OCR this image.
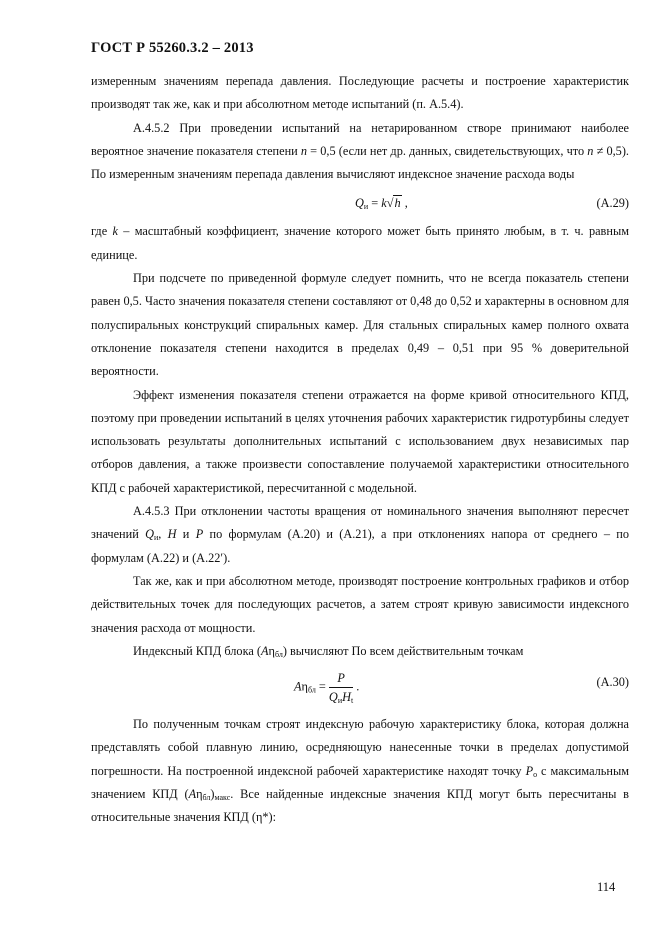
ГОСТ Р 55260.3.2 – 2013

измеренным значениям перепада давления. Последующие расчеты и построение характеристик производят так же, как и при абсолютном методе испытаний (п. А.5.4).

А.4.5.2 При проведении испытаний на нетарированном створе принимают наиболее вероятное значение показателя степени n = 0,5 (если нет др. данных, свидетельствующих, что n ≠ 0,5). По измеренным значениям перепада давления вычисляют индексное значение расхода воды

$Q_и = k√h$ ,	(А.29)

где k – масштабный коэффициент, значение которого может быть принято любым, в т. ч. равным единице.

При подсчете по приведенной формуле следует помнить, что не всегда показатель степени равен 0,5. Часто значения показателя степени составляют от 0,48 до 0,52 и характерны в основном для полуспиральных конструкций спиральных камер. Для стальных спиральных камер полного охвата отклонение показателя степени находится в пределах 0,49 – 0,51 при 95 % доверительной вероятности.

Эффект изменения показателя степени отражается на форме кривой относительного КПД, поэтому при проведении испытаний в целях уточнения рабочих характеристик гидротурбины следует использовать результаты дополнительных испытаний с использованием двух независимых пар отборов давления, а также произвести сопоставление получаемой характеристики относительного КПД с рабочей характеристикой, пересчитанной с модельной.

А.4.5.3 При отклонении частоты вращения от номинального значения выполняют пересчет значений $Q_и$, H и P по формулам (А.20) и (А.21), а при отклонениях напора от среднего – по формулам (А.22) и (А.22′).

Так же, как и при абсолютном методе, производят построение контрольных графиков и отбор действительных точек для последующих расчетов, а затем строят кривую зависимости индексного значения расхода от мощности.

Индексный КПД блока $(A\eta_{бл})$ вычисляют По всем действительным точкам

$A\eta_{бл} = \frac{P}{Q_иH_t}$ .	(А.30)

По полученным точкам строят индексную рабочую характеристику блока, которая должна представлять собой плавную линию, осредняющую нанесенные точки в пределах допустимой погрешности. На построенной индексной рабочей характеристике находят точку $P_o$ с максимальным значением КПД $(A\eta_{бл})_{макс}$. Все найденные индексные значения КПД могут быть пересчитаны в относительные значения КПД (η*):

114
